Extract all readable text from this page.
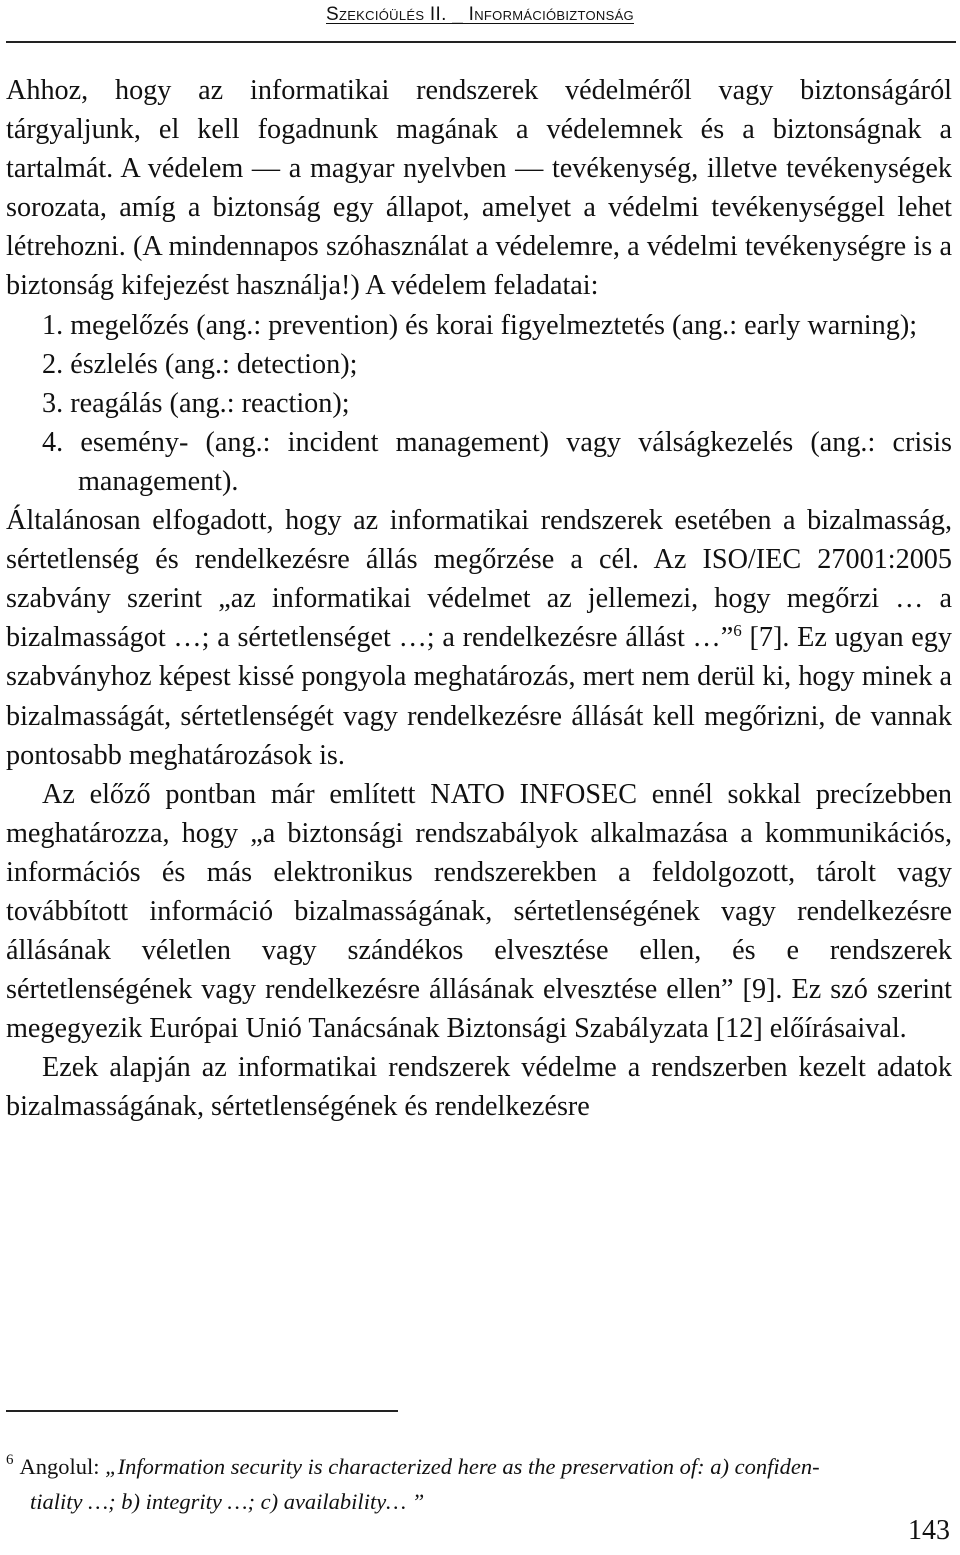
Szekcióülés II. _ Információbiztonság

Ahhoz, hogy az informatikai rendszerek védelméről vagy biztonságáról tárgyaljunk, el kell fogadnunk magának a védelemnek és a biztonságnak a tartalmát. A védelem — a magyar nyelvben — tevékenység, illetve tevékenységek sorozata, amíg a biztonság egy állapot, amelyet a védelmi tevékenységgel lehet létrehozni. (A mindennapos szóhasználat a védelemre, a védelmi tevékenységre is a biztonság kifejezést használja!) A védelem feladatai:

1. megelőzés (ang.: prevention) és korai figyelmeztetés (ang.: early warning);
2. észlelés (ang.: detection);
3. reagálás (ang.: reaction);
4. esemény- (ang.: incident management) vagy válságkezelés (ang.: crisis management).

Általánosan elfogadott, hogy az informatikai rendszerek esetében a bizalmasság, sértetlenség és rendelkezésre állás megőrzése a cél. Az ISO/IEC 27001:2005 szabvány szerint „az informatikai védelmet az jellemezi, hogy megőrzi … a bizalmasságot …; a sértetlenséget …; a rendelkezésre állást …”$^6$ [7]. Ez ugyan egy szabványhoz képest kissé pongyola meghatározás, mert nem derül ki, hogy minek a bizalmasságát, sértetlenségét vagy rendelkezésre állását kell megőrizni, de vannak pontosabb meghatározások is.

Az előző pontban már említett NATO INFOSEC ennél sokkal precízebben meghatározza, hogy „a biztonsági rendszabályok alkalmazása a kommunikációs, információs és más elektronikus rendszerekben a feldolgozott, tárolt vagy továbbított információ bizalmasságának, sértetlenségének vagy rendelkezésre állásának véletlen vagy szándékos elvesztése ellen, és e rendszerek sértetlenségének vagy rendelkezésre állásának elvesztése ellen” [9]. Ez szó szerint megegyezik Európai Unió Tanácsának Biztonsági Szabályzata [12] előírásaival.

Ezek alapján az informatikai rendszerek védelme a rendszerben kezelt adatok bizalmasságának, sértetlenségének és rendelkezésre

$^6$ Angolul: „Information security is characterized here as the preservation of: a) confiden-
tiality …; b) integrity …; c) availability… ”
143
